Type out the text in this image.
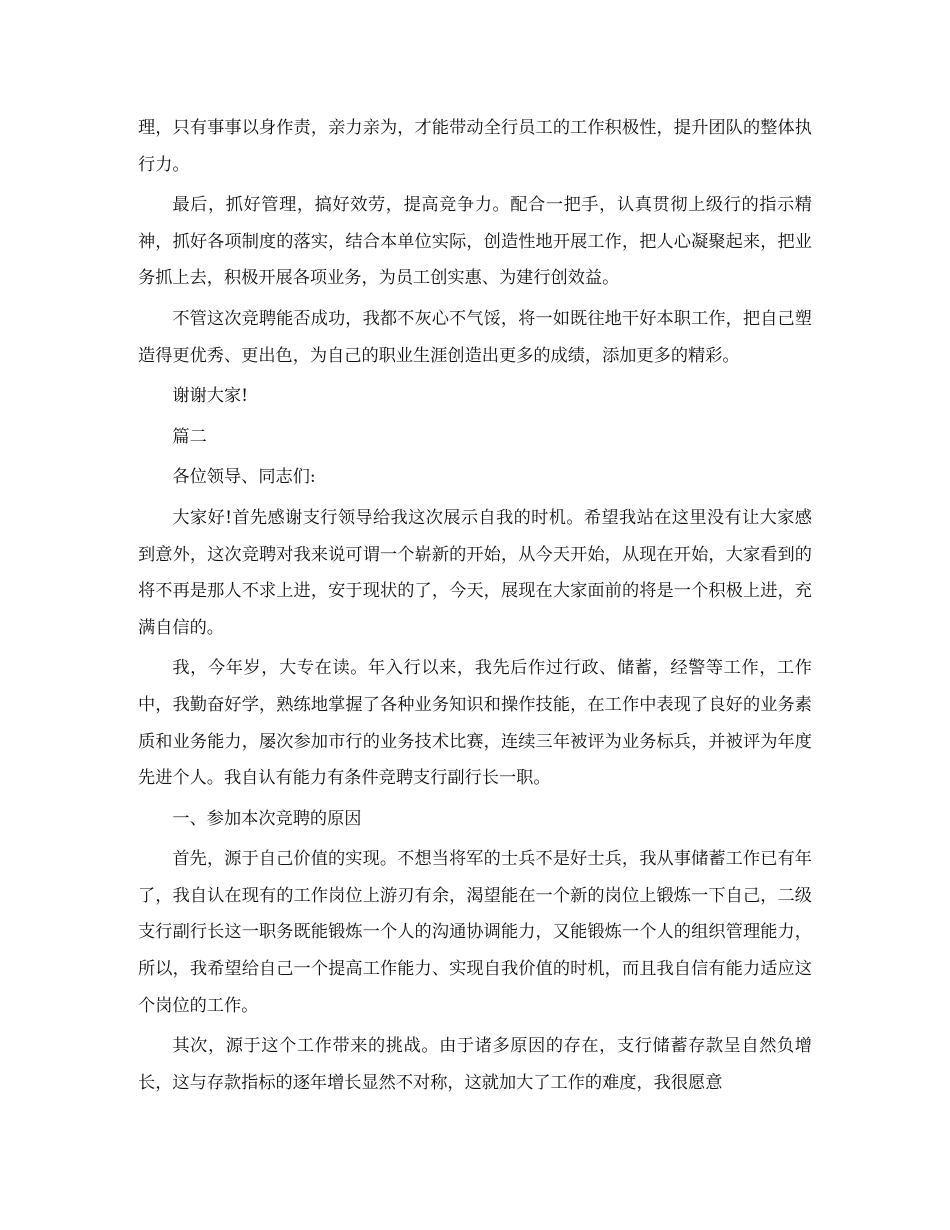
理，只有事事以身作责，亲力亲为，才能带动全行员工的工作积极性，提升团队的整体执行力。

最后，抓好管理，搞好效劳，提高竞争力。配合一把手，认真贯彻上级行的指示精神，抓好各项制度的落实，结合本单位实际，创造性地开展工作，把人心凝聚起来，把业务抓上去，积极开展各项业务，为员工创实惠、为建行创效益。

不管这次竞聘能否成功，我都不灰心不气馁，将一如既往地干好本职工作，把自己塑造得更优秀、更出色，为自己的职业生涯创造出更多的成绩，添加更多的精彩。

谢谢大家!

篇二

各位领导、同志们:

大家好!首先感谢支行领导给我这次展示自我的时机。希望我站在这里没有让大家感到意外，这次竞聘对我来说可谓一个崭新的开始，从今天开始，从现在开始，大家看到的将不再是那人不求上进，安于现状的了，今天，展现在大家面前的将是一个积极上进，充满自信的。

我，今年岁，大专在读。年入行以来，我先后作过行政、储蓄，经警等工作，工作中，我勤奋好学，熟练地掌握了各种业务知识和操作技能，在工作中表现了良好的业务素质和业务能力，屡次参加市行的业务技术比赛，连续三年被评为业务标兵，并被评为年度先进个人。我自认有能力有条件竞聘支行副行长一职。

一、参加本次竞聘的原因

首先，源于自己价值的实现。不想当将军的士兵不是好士兵，我从事储蓄工作已有年了，我自认在现有的工作岗位上游刃有余，渴望能在一个新的岗位上锻炼一下自己，二级支行副行长这一职务既能锻炼一个人的沟通协调能力，又能锻炼一个人的组织管理能力，所以，我希望给自己一个提高工作能力、实现自我价值的时机，而且我自信有能力适应这个岗位的工作。

其次，源于这个工作带来的挑战。由于诸多原因的存在，支行储蓄存款呈自然负增长，这与存款指标的逐年增长显然不对称，这就加大了工作的难度，我很愿意
